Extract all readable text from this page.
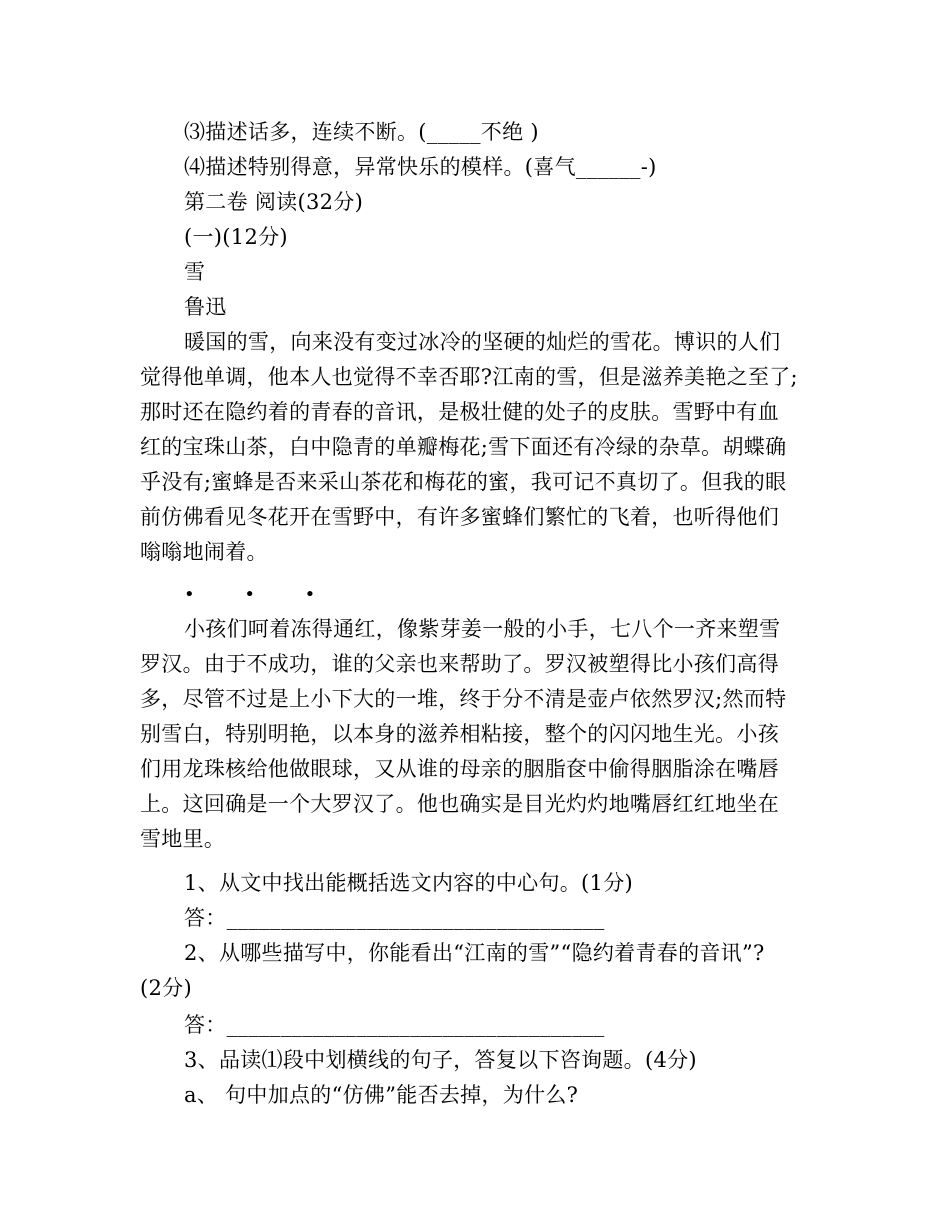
⑶描述话多，连续不断。(_____不绝 )
⑷描述特别得意，异常快乐的模样。(喜气______-)
第二卷 阅读(32分)
(一)(12分)
雪
鲁迅
暖国的雪，向来没有变过冰冷的坚硬的灿烂的雪花。博识的人们
觉得他单调，他本人也觉得不幸否耶?江南的雪，但是滋养美艳之至了;
那时还在隐约着的青春的音讯，是极壮健的处子的皮肤。雪野中有血
红的宝珠山茶，白中隐青的单瓣梅花;雪下面还有冷绿的杂草。胡蝶确
乎没有;蜜蜂是否来采山茶花和梅花的蜜，我可记不真切了。但我的眼
前仿佛看见冬花开在雪野中，有许多蜜蜂们繁忙的飞着，也听得他们
嗡嗡地闹着。
• • •
小孩们呵着冻得通红，像紫芽姜一般的小手，七八个一齐来塑雪
罗汉。由于不成功，谁的父亲也来帮助了。罗汉被塑得比小孩们高得
多，尽管不过是上小下大的一堆，终于分不清是壶卢依然罗汉;然而特
别雪白，特别明艳，以本身的滋养相粘接，整个的闪闪地生光。小孩
们用龙珠核给他做眼球，又从谁的母亲的胭脂奁中偷得胭脂涂在嘴唇
上。这回确是一个大罗汉了。他也确实是目光灼灼地嘴唇红红地坐在
雪地里。
1、从文中找出能概括选文内容的中心句。(1分)
答：___________________________________
2、从哪些描写中，你能看出“江南的雪”“隐约着青春的音讯”?
(2分)
答：___________________________________
3、品读⑴段中划横线的句子，答复以下咨询题。(4分)
a、 句中加点的“仿佛”能否去掉，为什么?
